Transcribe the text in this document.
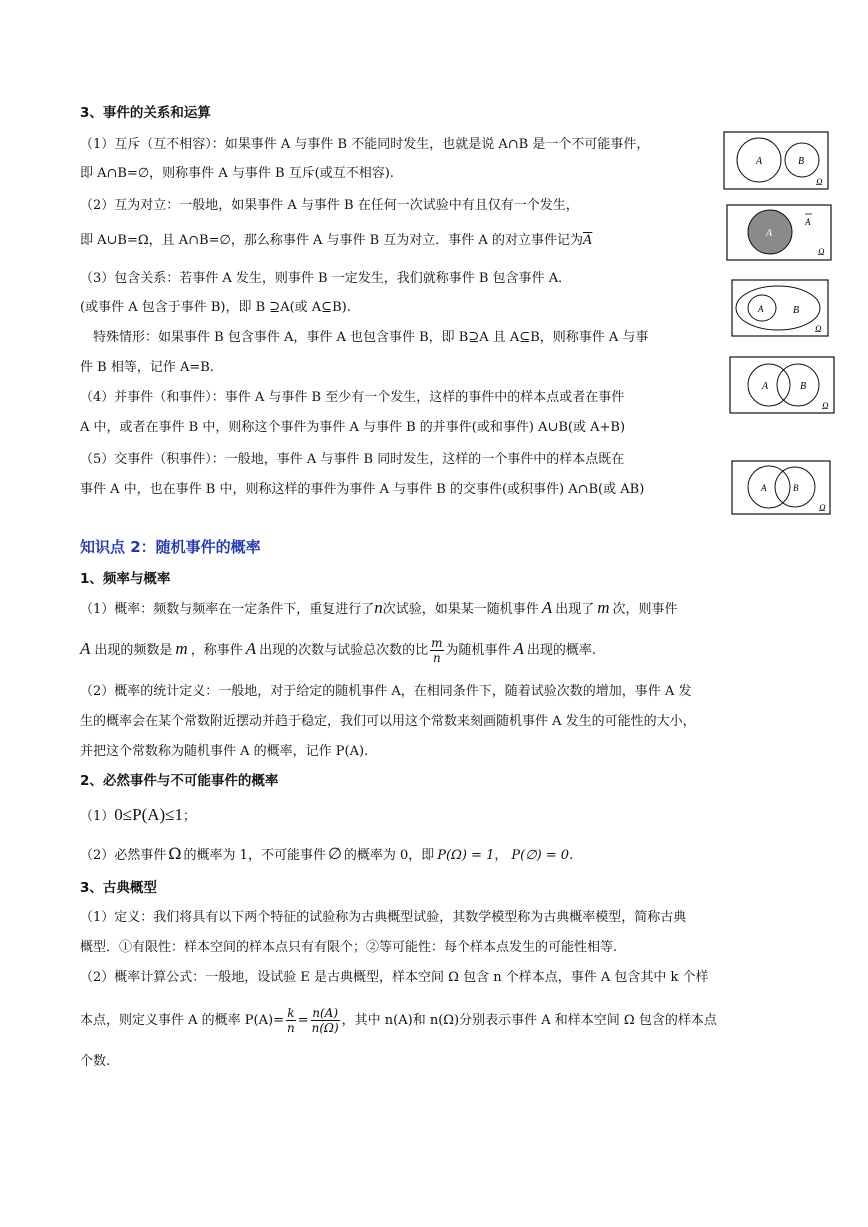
3、事件的关系和运算
（1）互斥（互不相容）：如果事件 A 与事件 B 不能同时发生，也就是说 A∩B 是一个不可能事件，
即 A∩B=∅，则称事件 A 与事件 B 互斥(或互不相容).
（2）互为对立：一般地，如果事件 A 与事件 B 在任何一次试验中有且仅有一个发生，
即 A∪B=Ω，且 A∩B=∅，那么称事件 A 与事件 B 互为对立．事件 A 的对立事件记为$\overline{A}$
（3）包含关系：若事件 A 发生，则事件 B 一定发生，我们就称事件 B 包含事件 A．
(或事件 A 包含于事件 B)，即 B ⊇A(或 A⊆B).
特殊情形：如果事件 B 包含事件 A，事件 A 也包含事件 B，即 B⊇A 且 A⊆B，则称事件 A 与事
件 B 相等，记作 A=B.
（4）并事件（和事件）：事件 A 与事件 B 至少有一个发生，这样的事件中的样本点或者在事件
A 中，或者在事件 B 中，则称这个事件为事件 A 与事件 B 的并事件(或和事件) A∪B(或 A+B)
（5）交事件（积事件）：一般地，事件 A 与事件 B 同时发生，这样的一个事件中的样本点既在
事件 A 中，也在事件 B 中，则称这样的事件为事件 A 与事件 B 的交事件(或积事件) A∩B(或 AB)
A	B
Ω
A
A
Ω
A	B
Ω
A	B
Ω
A	B
Ω
知识点 2：随机事件的概率
1、频率与概率
（1）概率：频数与频率在一定条件下，重复进行了n次试验，如果某一随机事件 A 出现了 m 次，则事件
A 出现的频数是 m ，称事件 A 出现的次数与试验总次数的比 $\frac{m}{n}$ 为随机事件 A 出现的概率.
（2）概率的统计定义：一般地，对于给定的随机事件 A，在相同条件下，随着试验次数的增加，事件 A 发
生的概率会在某个常数附近摆动并趋于稳定，我们可以用这个常数来刻画随机事件 A 发生的可能性的大小，
并把这个常数称为随机事件 A 的概率，记作 P(A).
2、必然事件与不可能事件的概率
（1）0≤P(A)≤1；
（2）必然事件 Ω 的概率为 1，不可能事件 ∅ 的概率为 0，即 P(Ω) = 1， P(∅) = 0.
3、古典概型
（1）定义：我们将具有以下两个特征的试验称为古典概型试验，其数学模型称为古典概率模型，简称古典
概型．①有限性：样本空间的样本点只有有限个；②等可能性：每个样本点发生的可能性相等.
（2）概率计算公式：一般地，设试验 E 是古典概型，样本空间 Ω 包含 n 个样本点，事件 A 包含其中 k 个样
本点，则定义事件 A 的概率 $P(A)= \frac{k}{n} = \frac{n(A)}{n(\Omega)}$ ，其中 n(A)和 n(Ω)分别表示事件 A 和样本空间 Ω 包含的样本点
个数.
